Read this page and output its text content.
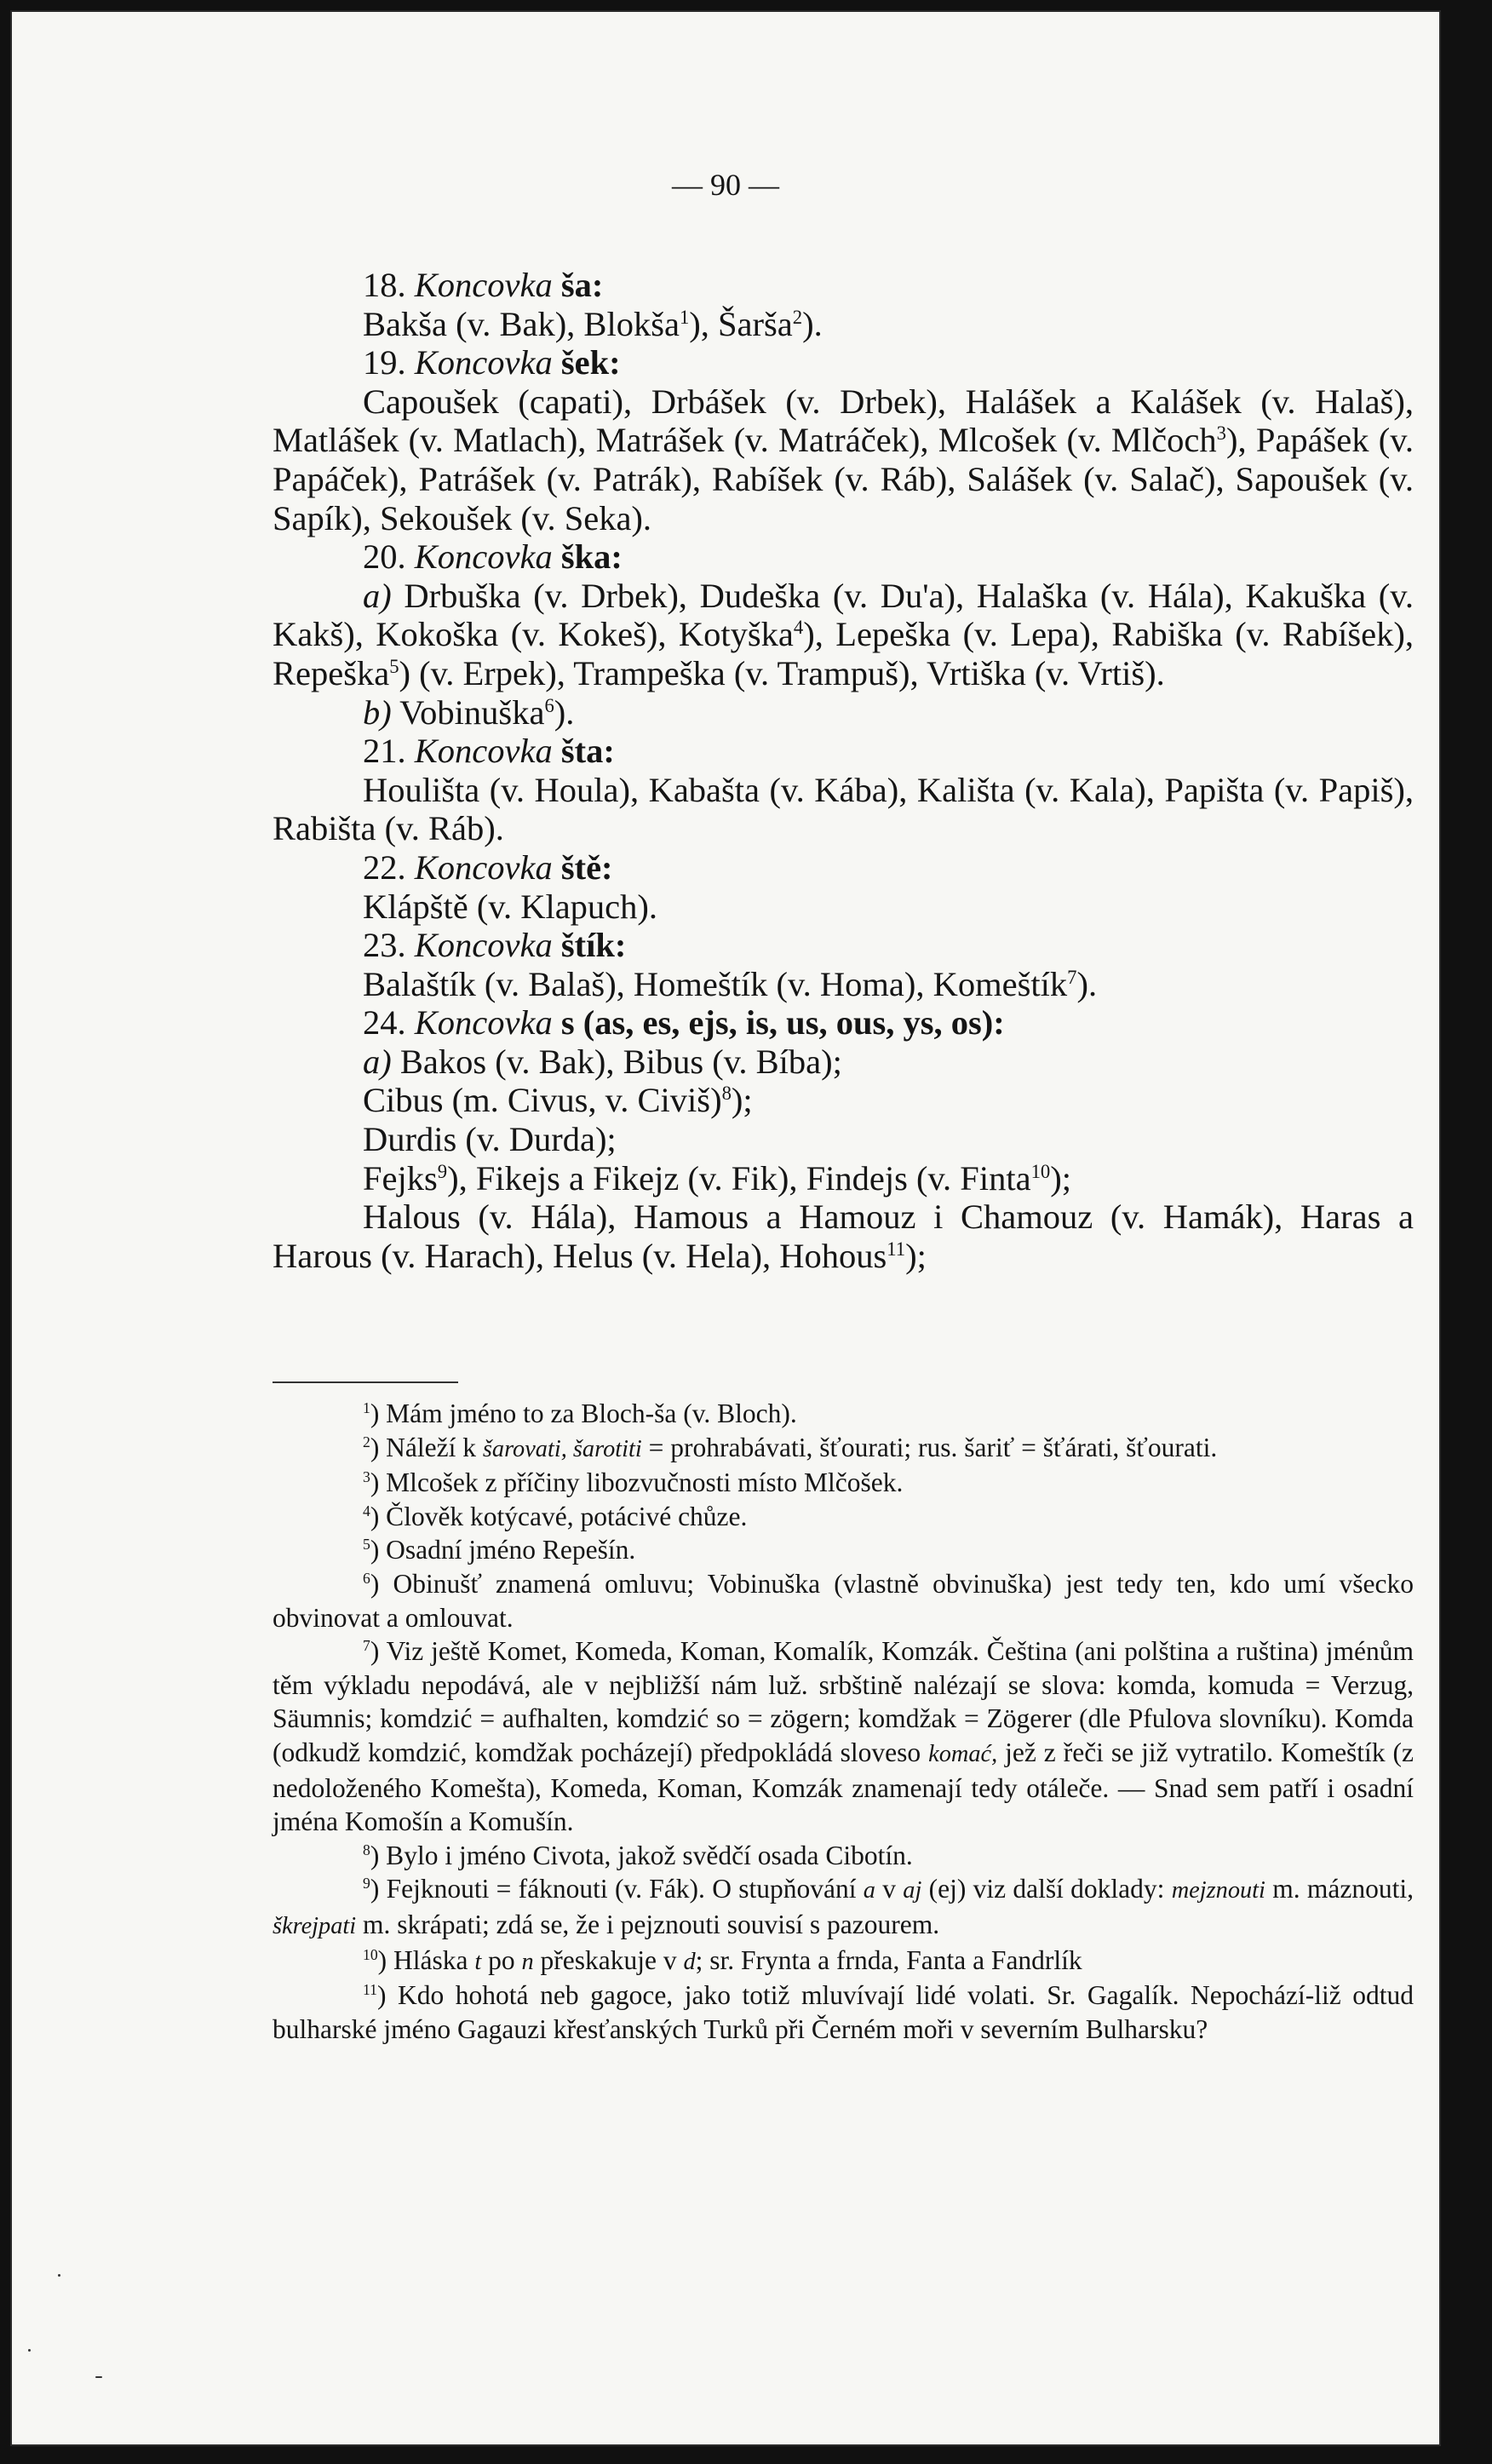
— 90 —

18. Koncovka ša:

Bakša (v. Bak), Blokša$^1$), Šarša$^2$).

19. Koncovka šek:

Capoušek (capati), Drbášek (v. Drbek), Halášek a Kalášek (v. Halaš), Matlášek (v. Matlach), Matrášek (v. Matráček), Mlcošek (v. Mlčoch$^3$), Papášek (v. Papáček), Patrášek (v. Patrák), Rabíšek (v. Ráb), Salášek (v. Salač), Sapoušek (v. Sapík), Sekoušek (v. Seka).

20. Koncovka ška:

a) Drbuška (v. Drbek), Dudeška (v. Du'a), Halaška (v. Hála), Kakuška (v. Kakš), Kokoška (v. Kokeš), Kotyška$^4$), Lepeška (v. Lepa), Rabiška (v. Rabíšek), Repeška$^5$) (v. Erpek), Trampeška (v. Trampuš), Vrtiška (v. Vrtiš).

b) Vobinuška$^6$).

21. Koncovka šta:

Houlišta (v. Houla), Kabašta (v. Kába), Kališta (v. Kala), Papišta (v. Papiš), Rabišta (v. Ráb).

22. Koncovka ště:

Klápště (v. Klapuch).

23. Koncovka štík:

Balaštík (v. Balaš), Homeštík (v. Homa), Komeštík$^7$).

24. Koncovka s (as, es, ejs, is, us, ous, ys, os):

a) Bakos (v. Bak), Bibus (v. Bíba);

Cibus (m. Civus, v. Civiš)$^8$);

Durdis (v. Durda);

Fejks$^9$), Fikejs a Fikejz (v. Fik), Findejs (v. Finta$^{10}$);

Halous (v. Hála), Hamous a Hamouz i Chamouz (v. Hamák), Haras a Harous (v. Harach), Helus (v. Hela), Hohous$^{11}$);

$^1$) Mám jméno to za Bloch-ša (v. Bloch).

$^2$) Náleží k šarovati, šarotiti = prohrabávati, šťourati; rus. šariť = šťárati, šťourati.

$^3$) Mlcošek z příčiny libozvučnosti místo Mlčošek.

$^4$) Člověk kotýcavé, potácivé chůze.

$^5$) Osadní jméno Repešín.

$^6$) Obinušť znamená omluvu; Vobinuška (vlastně obvinuška) jest tedy ten, kdo umí všecko obvinovat a omlouvat.

$^7$) Viz ještě Komet, Komeda, Koman, Komalík, Komzák. Čeština (ani polština a ruština) jménům těm výkladu nepodává, ale v nejbližší nám luž. srbštině nalézají se slova: komda, komuda = Verzug, Säumnis; komdzić = aufhalten, komdzić so = zögern; komdžak = Zögerer (dle Pfulova slovníku). Komda (odkudž komdzić, komdžak pocházejí) předpokládá sloveso komać, jež z řeči se již vytratilo. Komeštík (z nedoloženého Komešta), Komeda, Koman, Komzák znamenají tedy otáleče. — Snad sem patří i osadní jména Komošín a Komušín.

$^8$) Bylo i jméno Civota, jakož svědčí osada Cibotín.

$^9$) Fejknouti = fáknouti (v. Fák). O stupňování a v aj (ej) viz další doklady: mejznouti m. máznouti, škrejpati m. skrápati; zdá se, že i pejznouti souvisí s pazourem.

$^{10}$) Hláska t po n přeskakuje v d; sr. Frynta a frnda, Fanta a Fandrlík

$^{11}$) Kdo hohotá neb gagoce, jako totiž mluvívají lidé volati. Sr. Gagalík. Nepochází-liž odtud bulharské jméno Gagauzi křesťanských Turků při Černém moři v severním Bulharsku?
